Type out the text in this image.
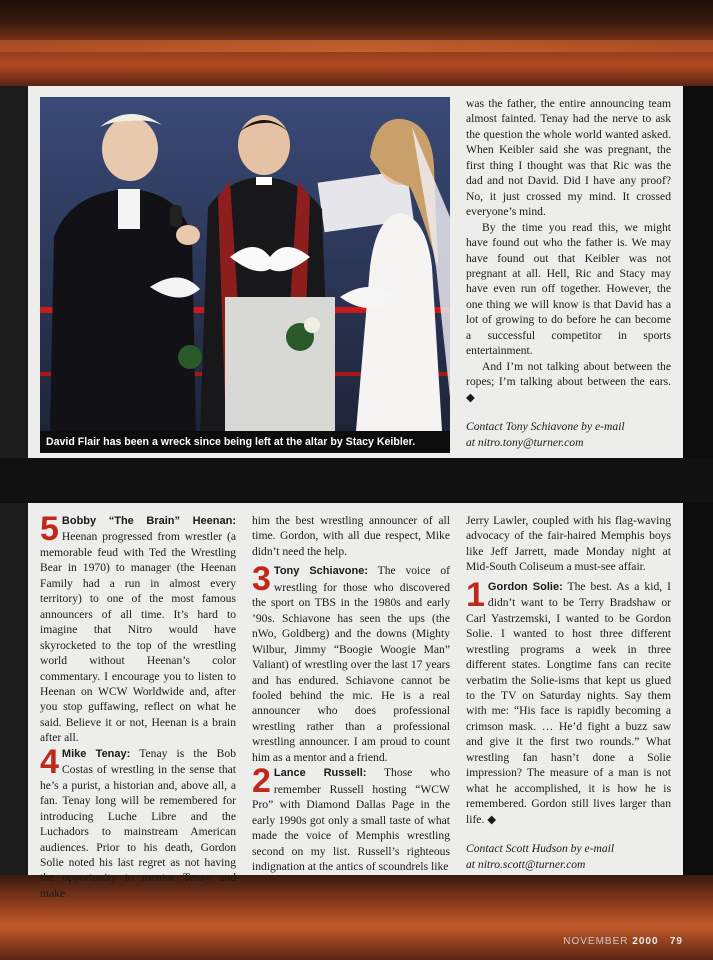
David Flair has been a wreck since being left at the altar by Stacy Keibler.

was the father, the entire announcing team almost fainted. Tenay had the nerve to ask the question the whole world wanted asked. When Keibler said she was pregnant, the first thing I thought was that Ric was the dad and not David. Did I have any proof? No, it just crossed my mind. It crossed everyone’s mind.

By the time you read this, we might have found out who the father is. We may have found out that Keibler was not pregnant at all. Hell, Ric and Stacy may have even run off together. However, the one thing we will know is that David has a lot of growing to do before he can become a successful competitor in sports entertainment.

And I’m not talking about between the ropes; I’m talking about between the ears. ◆

Contact Tony Schiavone by e-mail

at nitro.tony@turner.com

5 Bobby “The Brain” Heenan: Heenan progressed from wrestler (a memorable feud with Ted the Wrestling Bear in 1970) to manager (the Heenan Family had a run in almost every territory) to one of the most famous announcers of all time. It’s hard to imagine that Nitro would have skyrocketed to the top of the wrestling world without Heenan’s color commentary. I encourage you to listen to Heenan on WCW Worldwide and, after you stop guffawing, reflect on what he said. Believe it or not, Heenan is a brain after all.

4 Mike Tenay: Tenay is the Bob Costas of wrestling in the sense that he’s a purist, a historian and, above all, a fan. Tenay long will be remembered for introducing Luche Libre and the Luchadors to mainstream American audiences. Prior to his death, Gordon Solie noted his last regret as not having the opportunity to mentor Tenay and make

him the best wrestling announcer of all time. Gordon, with all due respect, Mike didn’t need the help.

3 Tony Schiavone: The voice of wrestling for those who discovered the sport on TBS in the 1980s and early ’90s. Schiavone has seen the ups (the nWo, Goldberg) and the downs (Mighty Wilbur, Jimmy “Boogie Woogie Man” Valiant) of wrestling over the last 17 years and has endured. Schiavone cannot be fooled behind the mic. He is a real announcer who does professional wrestling rather than a professional wrestling announcer. I am proud to count him as a mentor and a friend.

2 Lance Russell: Those who remember Russell hosting “WCW Pro” with Diamond Dallas Page in the early 1990s got only a small taste of what made the voice of Memphis wrestling second on my list. Russell’s righteous indignation at the antics of scoundrels like

Jerry Lawler, coupled with his flag-waving advocacy of the fair-haired Memphis boys like Jeff Jarrett, made Monday night at Mid-South Coliseum a must-see affair.

1 Gordon Solie: The best. As a kid, I didn’t want to be Terry Bradshaw or Carl Yastrzemski, I wanted to be Gordon Solie. I wanted to host three different wrestling programs a week in three different states. Longtime fans can recite verbatim the Solie-isms that kept us glued to the TV on Saturday nights. Say them with me: “His face is rapidly becoming a crimson mask. … He’d fight a buzz saw and give it the first two rounds.” What wrestling fan hasn’t done a Solie impression? The measure of a man is not what he accomplished, it is how he is remembered. Gordon still lives larger than life. ◆

Contact Scott Hudson by e-mail

at nitro.scott@turner.com

NOVEMBER 2000 79
